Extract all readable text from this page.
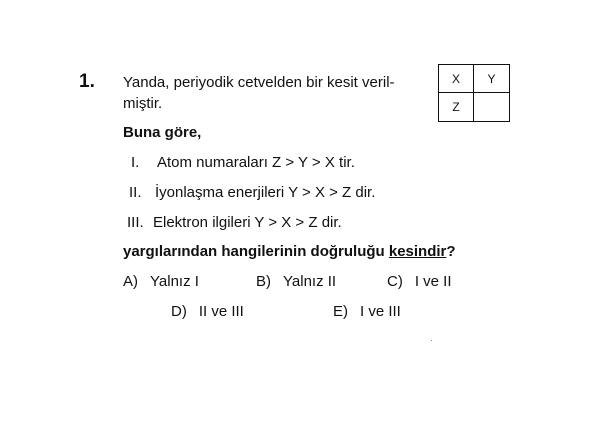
1. Yanda, periyodik cetvelden bir kesit veril-
miştir.
Buna göre,
I. Atom numaraları Z > Y > X tir.
II. İyonlaşma enerjileri Y > X > Z dir.
III. Elektron ilgileri Y > X > Z dir.
yargılarından hangilerinin doğruluğu kesindir?
A) Yalnız I	B) Yalnız II	C) I ve II
D) II ve III	E) I ve III
X	Y
Z
